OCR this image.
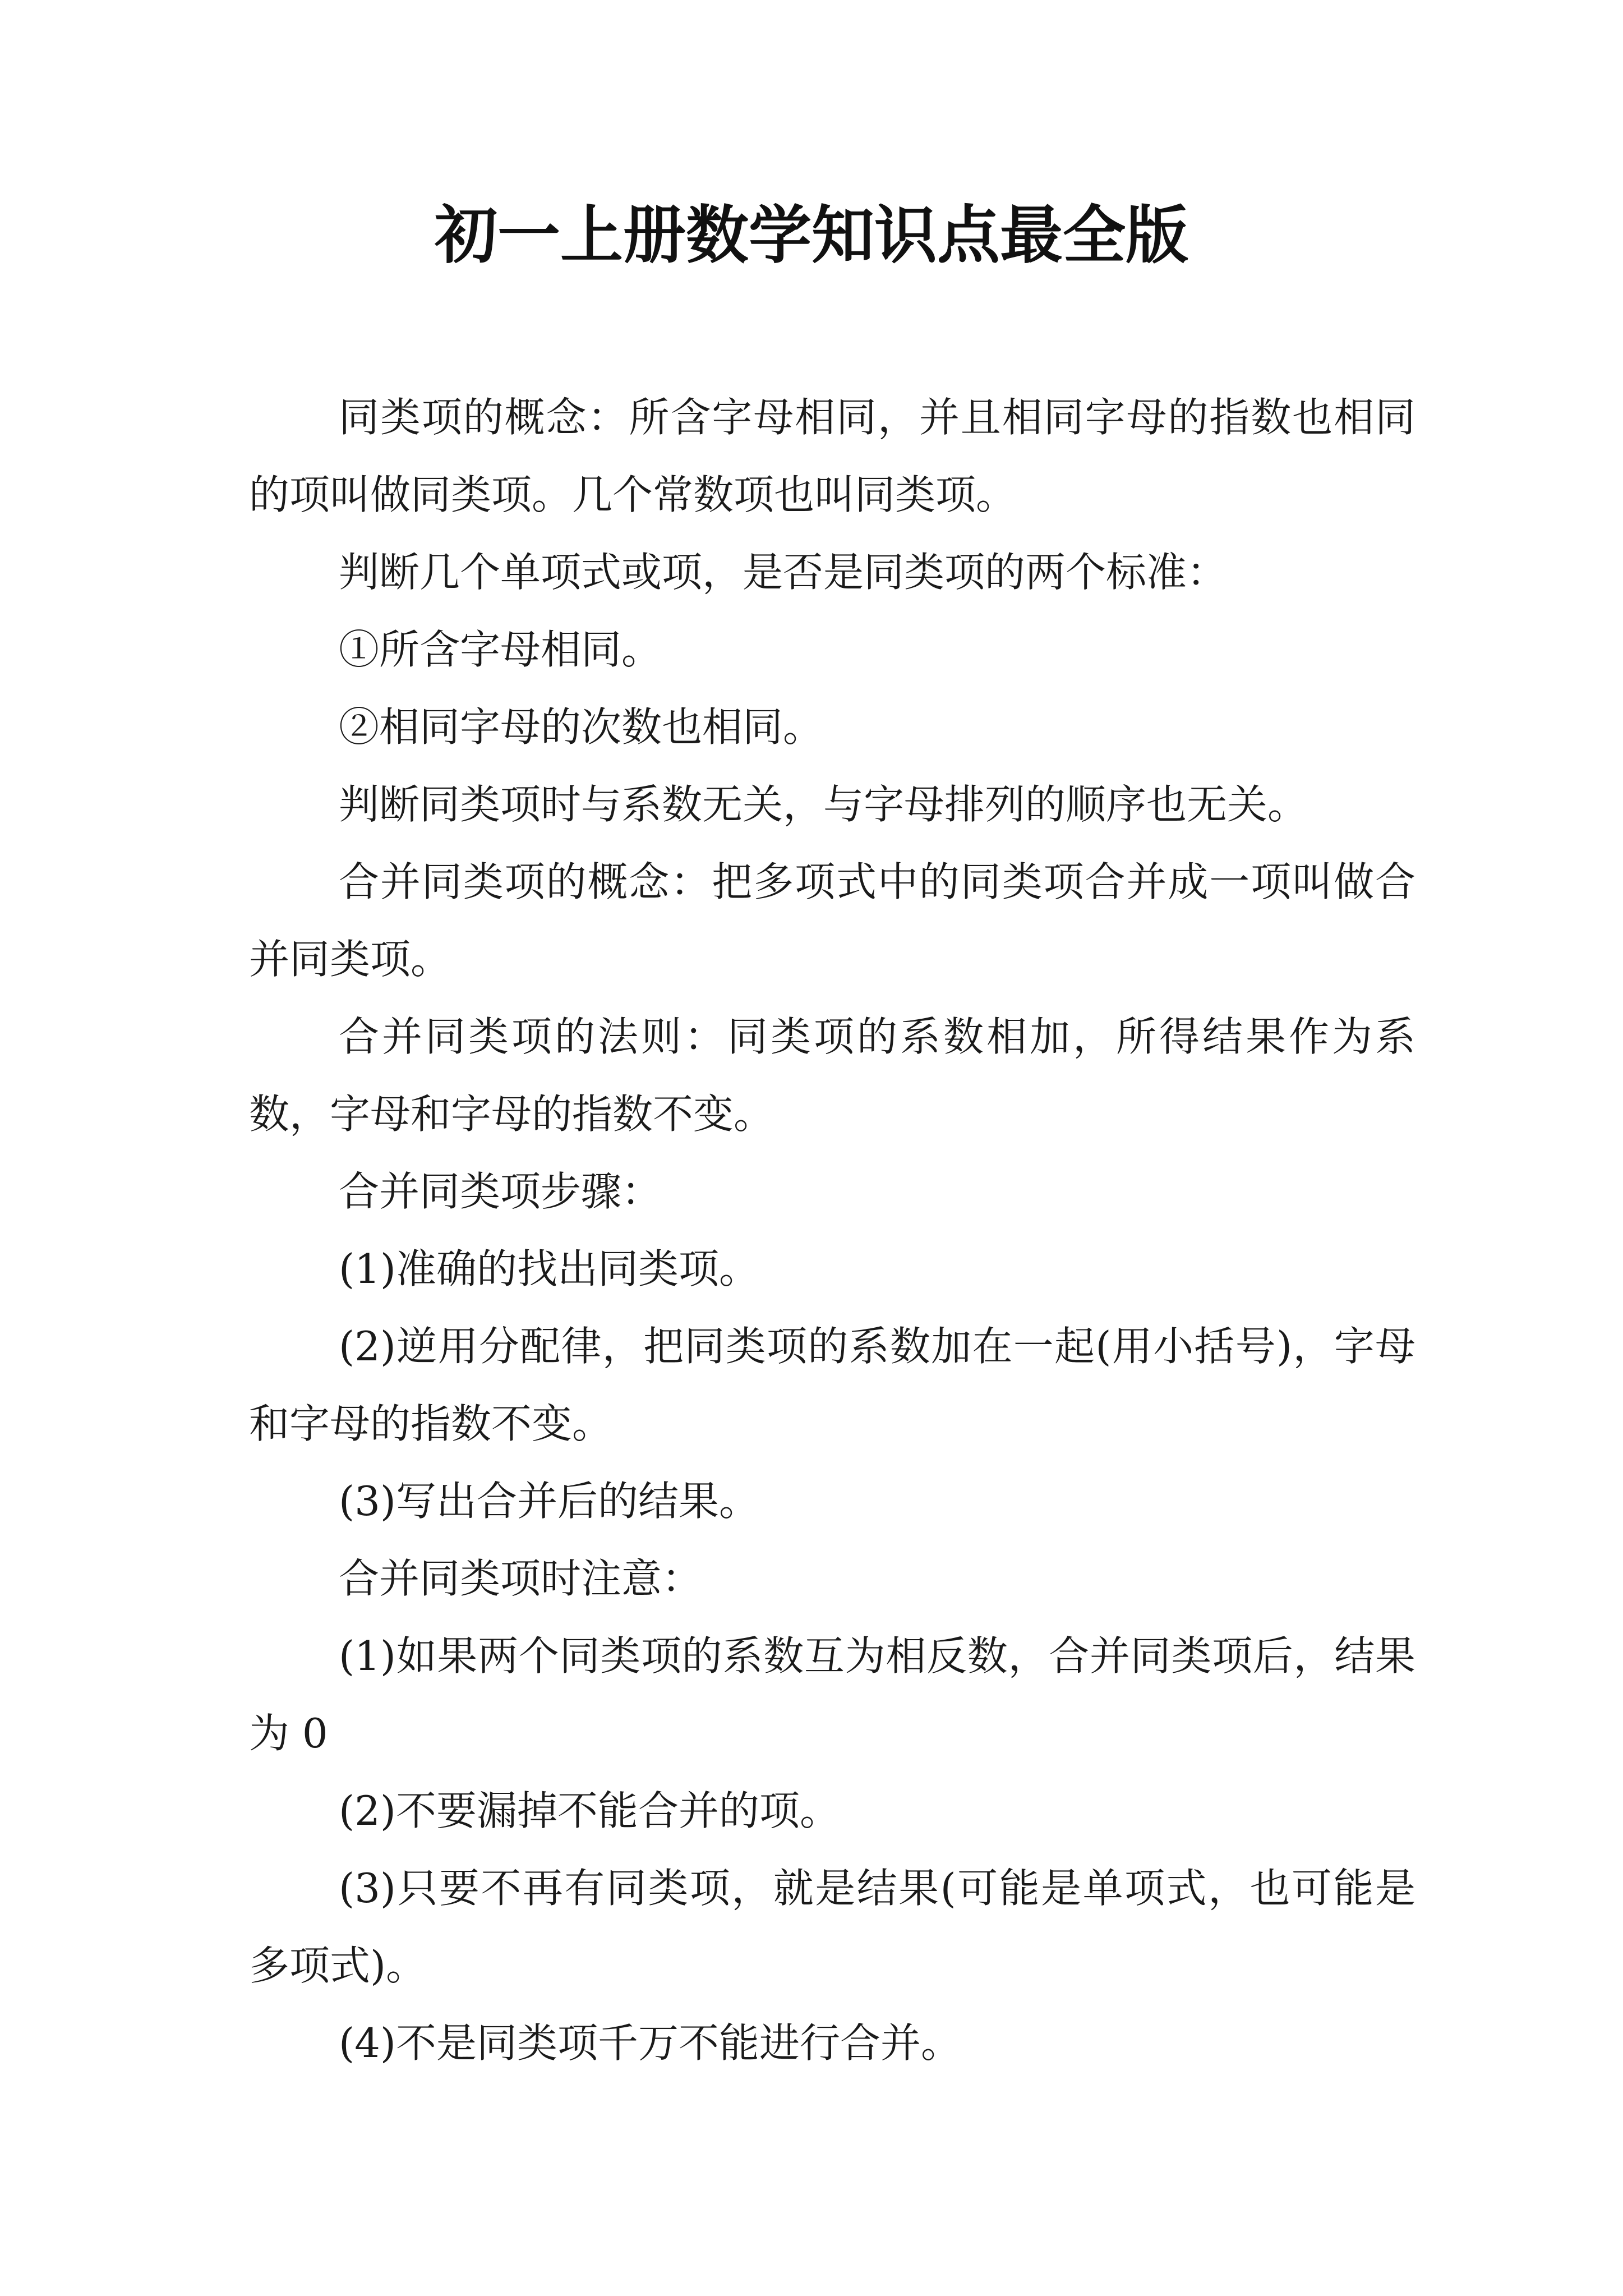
初一上册数学知识点最全版

同类项的概念：所含字母相同，并且相同字母的指数也相同的项叫做同类项。几个常数项也叫同类项。

判断几个单项式或项，是否是同类项的两个标准：

①所含字母相同。

②相同字母的次数也相同。

判断同类项时与系数无关，与字母排列的顺序也无关。

合并同类项的概念：把多项式中的同类项合并成一项叫做合并同类项。

合并同类项的法则：同类项的系数相加，所得结果作为系数，字母和字母的指数不变。

合并同类项步骤：

(1)准确的找出同类项。

(2)逆用分配律，把同类项的系数加在一起(用小括号)，字母和字母的指数不变。

(3)写出合并后的结果。

合并同类项时注意：

(1)如果两个同类项的系数互为相反数，合并同类项后，结果为 0

(2)不要漏掉不能合并的项。

(3)只要不再有同类项，就是结果(可能是单项式，也可能是多项式)。

(4)不是同类项千万不能进行合并。
